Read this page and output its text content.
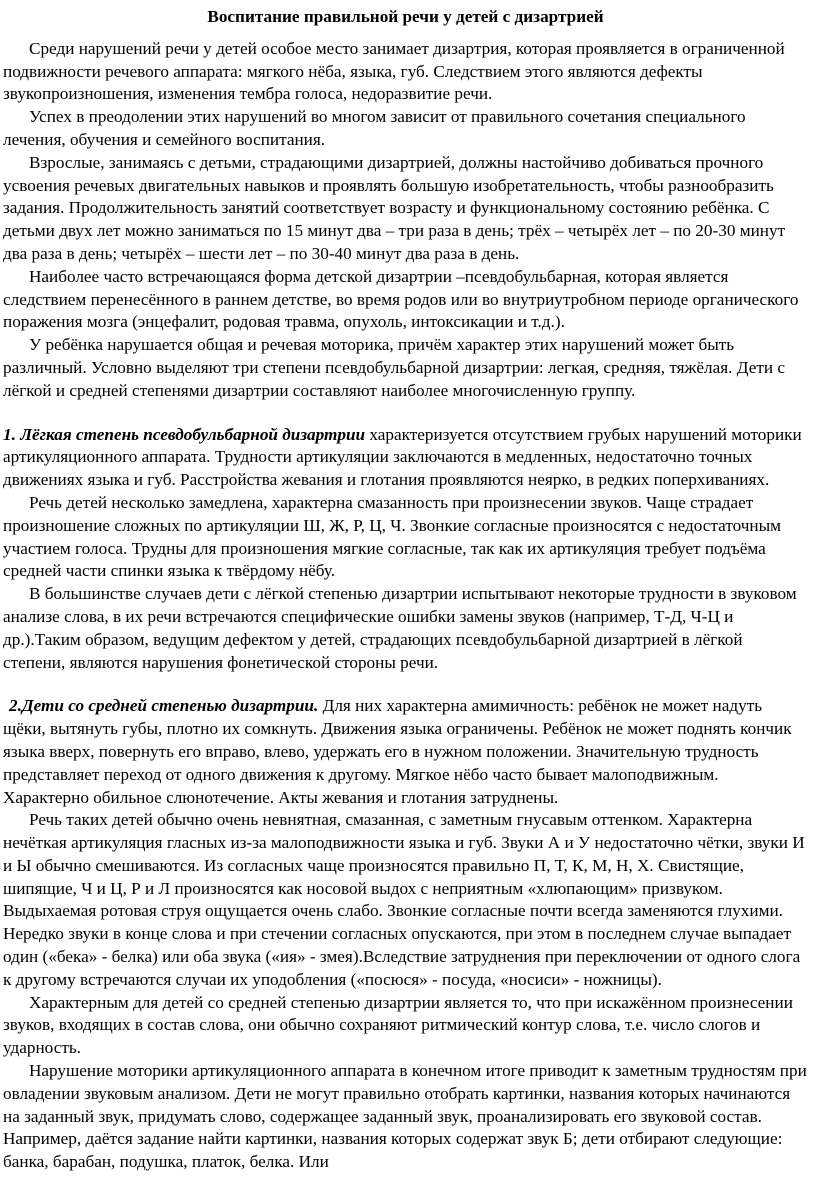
Воспитание правильной речи у детей с дизартрией

Среди нарушений речи у детей особое место занимает дизартрия, которая проявляется в ограниченной подвижности речевого аппарата: мягкого нёба, языка, губ. Следствием этого являются дефекты звукопроизношения, изменения тембра голоса, недоразвитие речи.

Успех в преодолении этих нарушений во многом зависит от правильного сочетания специального лечения, обучения и семейного воспитания.

Взрослые, занимаясь с детьми, страдающими дизартрией, должны настойчиво добиваться прочного усвоения речевых двигательных навыков и проявлять большую изобретательность, чтобы разнообразить задания. Продолжительность занятий соответствует возрасту и функциональному состоянию ребёнка. С детьми двух лет можно заниматься по 15 минут два – три раза в день; трёх – четырёх лет – по 20-30 минут два раза в день; четырёх – шести лет – по 30-40 минут два раза в день.

Наиболее часто встречающаяся форма детской дизартрии –псевдобульбарная, которая является следствием перенесённого в раннем детстве, во время родов или во внутриутробном периоде органического поражения мозга (энцефалит, родовая травма, опухоль, интоксикации и т.д.).

У ребёнка нарушается общая и речевая моторика, причём характер этих нарушений может быть различный. Условно выделяют три степени псевдобульбарной дизартрии: легкая, средняя, тяжёлая. Дети с лёгкой и средней степенями дизартрии составляют наиболее многочисленную группу.

1. Лёгкая степень псевдобульбарной дизартрии характеризуется отсутствием грубых нарушений моторики артикуляционного аппарата. Трудности артикуляции заключаются в медленных, недостаточно точных движениях языка и губ. Расстройства жевания и глотания проявляются неярко, в редких поперхиваниях.

Речь детей несколько замедлена, характерна смазанность при произнесении звуков. Чаще страдает произношение сложных по артикуляции Ш, Ж, Р, Ц, Ч. Звонкие согласные произносятся с недостаточным участием голоса. Трудны для произношения мягкие согласные, так как их артикуляция требует подъёма средней части спинки языка к твёрдому нёбу.

В большинстве случаев дети с лёгкой степенью дизартрии испытывают некоторые трудности в звуковом анализе слова, в их речи встречаются специфические ошибки замены звуков (например, Т-Д, Ч-Ц и др.).Таким образом, ведущим дефектом у детей, страдающих псевдобульбарной дизартрией в лёгкой степени, являются нарушения фонетической стороны речи.

2.Дети со средней степенью дизартрии. Для них характерна амимичность: ребёнок не может надуть щёки, вытянуть губы, плотно их сомкнуть. Движения языка ограничены. Ребёнок не может поднять кончик языка вверх, повернуть его вправо, влево, удержать его в нужном положении. Значительную трудность представляет переход от одного движения к другому. Мягкое нёбо часто бывает малоподвижным. Характерно обильное слюнотечение. Акты жевания и глотания затруднены.

Речь таких детей обычно очень невнятная, смазанная, с заметным гнусавым оттенком. Характерна нечёткая артикуляция гласных из-за малоподвижности языка и губ. Звуки А и У недостаточно чётки, звуки И и Ы обычно смешиваются. Из согласных чаще произносятся правильно П, Т, К, М, Н, Х. Свистящие, шипящие, Ч и Ц, Р и Л произносятся как носовой выдох с неприятным «хлюпающим» призвуком. Выдыхаемая ротовая струя ощущается очень слабо. Звонкие согласные почти всегда заменяются глухими. Нередко звуки в конце слова и при стечении согласных опускаются, при этом в последнем случае выпадает один («бека» - белка) или оба звука («ия» - змея).Вследствие затруднения при переключении от одного слога к другому встречаются случаи их уподобления («посюся» - посуда, «носиси» - ножницы).

Характерным для детей со средней степенью дизартрии является то, что при искажённом произнесении звуков, входящих в состав слова, они обычно сохраняют ритмический контур слова, т.е. число слогов и ударность.

Нарушение моторики артикуляционного аппарата в конечном итоге приводит к заметным трудностям при овладении звуковым анализом. Дети не могут правильно отобрать картинки, названия которых начинаются на заданный звук, придумать слово, содержащее заданный звук, проанализировать его звуковой состав. Например, даётся задание найти картинки, названия которых содержат звук Б; дети отбирают следующие: банка, барабан, подушка, платок, белка. Или
